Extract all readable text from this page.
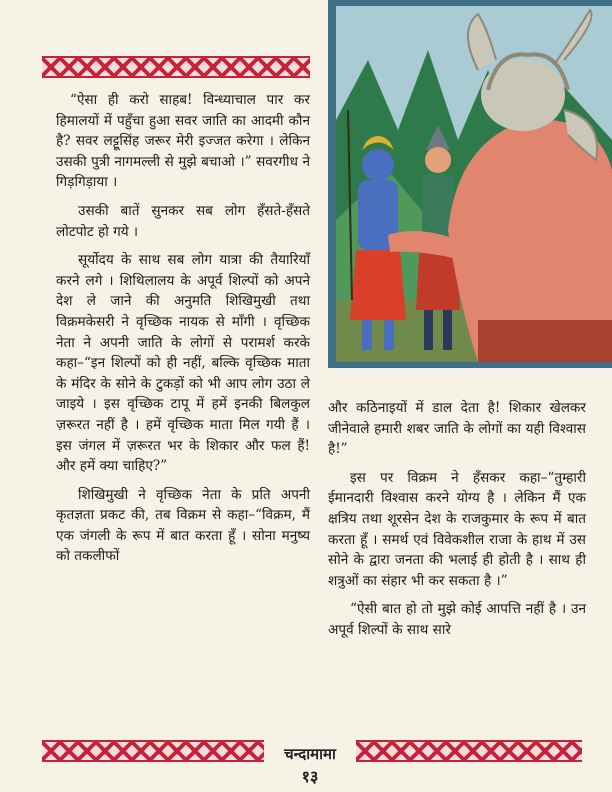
“ऐसा ही करो साहब! विन्ध्याचाल पार कर हिमालयों में पहुँचा हुआ सवर जाति का आदमी कौन है? सवर लट्टूसिंह जरूर मेरी इज्जत करेगा । लेकिन उसकी पुत्री नागमल्ली से मुझे बचाओ ।” सवरगीध ने गिड़गिड़ाया ।

उसकी बातें सुनकर सब लोग हँसते-हँसते लोटपोट हो गये ।

सूर्योदय के साथ सब लोग यात्रा की तैयारियाँ करने लगे । शिथिलालय के अपूर्व शिल्पों को अपने देश ले जाने की अनुमति शिखिमुखी तथा विक्रमकेसरी ने वृच्छिक नायक से माँगी । वृच्छिक नेता ने अपनी जाति के लोगों से परामर्श करके कहा–“इन शिल्पों को ही नहीं, बल्कि वृच्छिक माता के मंदिर के सोने के टुकड़ों को भी आप लोग उठा ले जाइये । इस वृच्छिक टापू में हमें इनकी बिलकुल ज़रूरत नहीं है । हमें वृच्छिक माता मिल गयी हैं । इस जंगल में ज़रूरत भर के शिकार और फल हैं! और हमें क्या चाहिए?”

शिखिमुखी ने वृच्छिक नेता के प्रति अपनी कृतज्ञता प्रकट की, तब विक्रम से कहा–“विक्रम, मैं एक जंगली के रूप में बात करता हूँ । सोना मनुष्य को तकलीफों

और कठिनाइयों में डाल देता है! शिकार खेलकर जीनेवाले हमारी शबर जाति के लोगों का यही विश्वास है!”

इस पर विक्रम ने हँसकर कहा–“तुम्हारी ईमानदारी विश्वास करने योग्य है । लेकिन मैं एक क्षत्रिय तथा शूरसेन देश के राजकुमार के रूप में बात करता हूँ । समर्थ एवं विवेकशील राजा के हाथ में उस सोने के द्वारा जनता की भलाई ही होती है । साथ ही शत्रुओं का संहार भी कर सकता है ।”

“ऐसी बात हो तो मुझे कोई आपत्ति नहीं है । उन अपूर्व शिल्पों के साथ सारे

चन्दामामा
१३
